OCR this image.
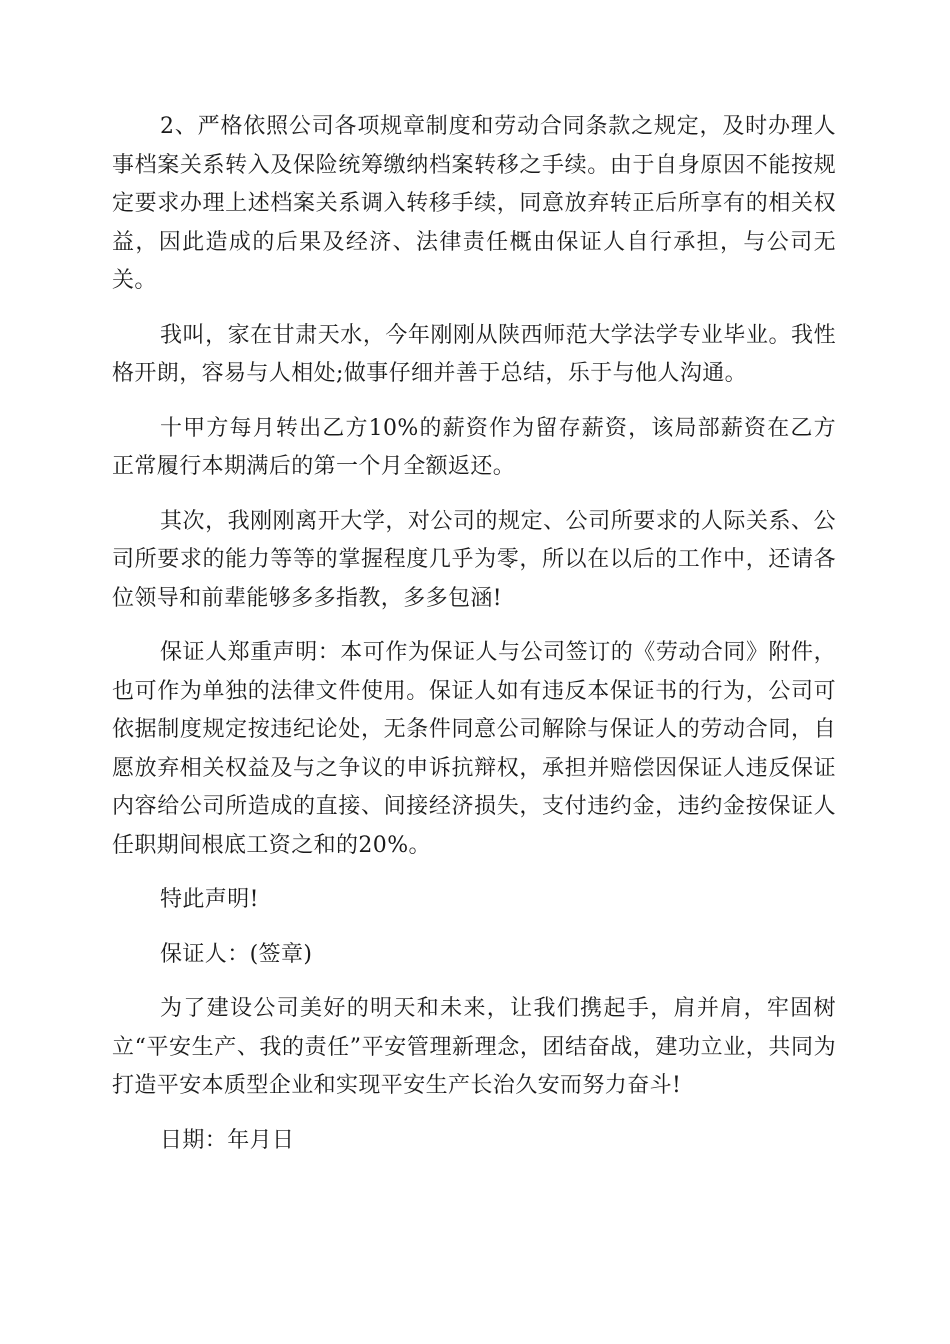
2、严格依照公司各项规章制度和劳动合同条款之规定，及时办理人事档案关系转入及保险统筹缴纳档案转移之手续。由于自身原因不能按规定要求办理上述档案关系调入转移手续，同意放弃转正后所享有的相关权益，因此造成的后果及经济、法律责任概由保证人自行承担，与公司无关。

我叫，家在甘肃天水，今年刚刚从陕西师范大学法学专业毕业。我性格开朗，容易与人相处;做事仔细并善于总结，乐于与他人沟通。

十甲方每月转出乙方10%的薪资作为留存薪资，该局部薪资在乙方正常履行本期满后的第一个月全额返还。

其次，我刚刚离开大学，对公司的规定、公司所要求的人际关系、公司所要求的能力等等的掌握程度几乎为零，所以在以后的工作中，还请各位领导和前辈能够多多指教，多多包涵!

保证人郑重声明：本可作为保证人与公司签订的《劳动合同》附件，也可作为单独的法律文件使用。保证人如有违反本保证书的行为，公司可依据制度规定按违纪论处，无条件同意公司解除与保证人的劳动合同，自愿放弃相关权益及与之争议的申诉抗辩权，承担并赔偿因保证人违反保证内容给公司所造成的直接、间接经济损失，支付违约金，违约金按保证人任职期间根底工资之和的20%。

特此声明!

保证人：(签章)

为了建设公司美好的明天和未来，让我们携起手，肩并肩，牢固树立“平安生产、我的责任”平安管理新理念，团结奋战，建功立业，共同为打造平安本质型企业和实现平安生产长治久安而努力奋斗!

日期：年月日
